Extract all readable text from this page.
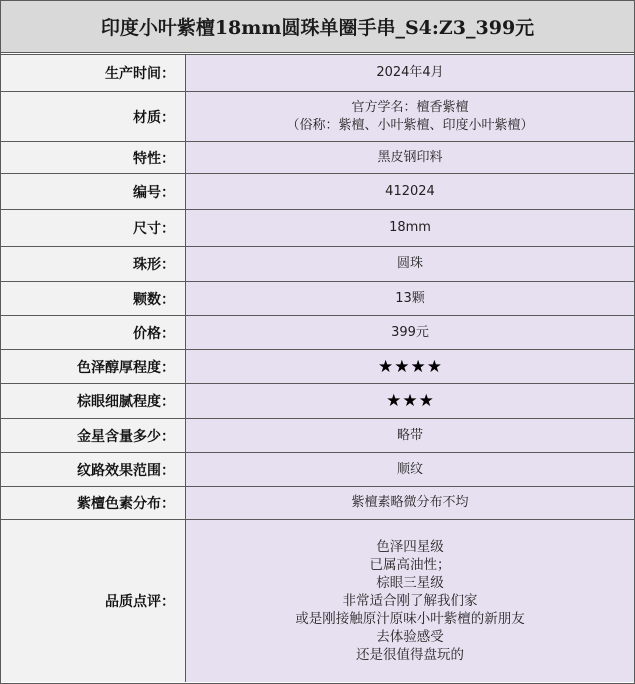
印度小叶紫檀18mm圆珠单圈手串_S4:Z3_399元
生产时间：	2024年4月
材质：
官方学名：檀香紫檀
（俗称：紫檀、小叶紫檀、印度小叶紫檀）
特性：	黑皮钢印料
编号：	412024
尺寸：	18mm
珠形：	圆珠
颗数：	13颗
价格：	399元
色泽醇厚程度：	★ ★ ★ ★
棕眼细腻程度：	★ ★ ★
金星含量多少：	略带
纹路效果范围：	顺纹
紫檀色素分布：	紫檀素略微分布不均
品质点评：
色泽四星级
已属高油性；
棕眼三星级
非常适合刚了解我们家
或是刚接触原汁原味小叶紫檀的新朋友
去体验感受
还是很值得盘玩的
